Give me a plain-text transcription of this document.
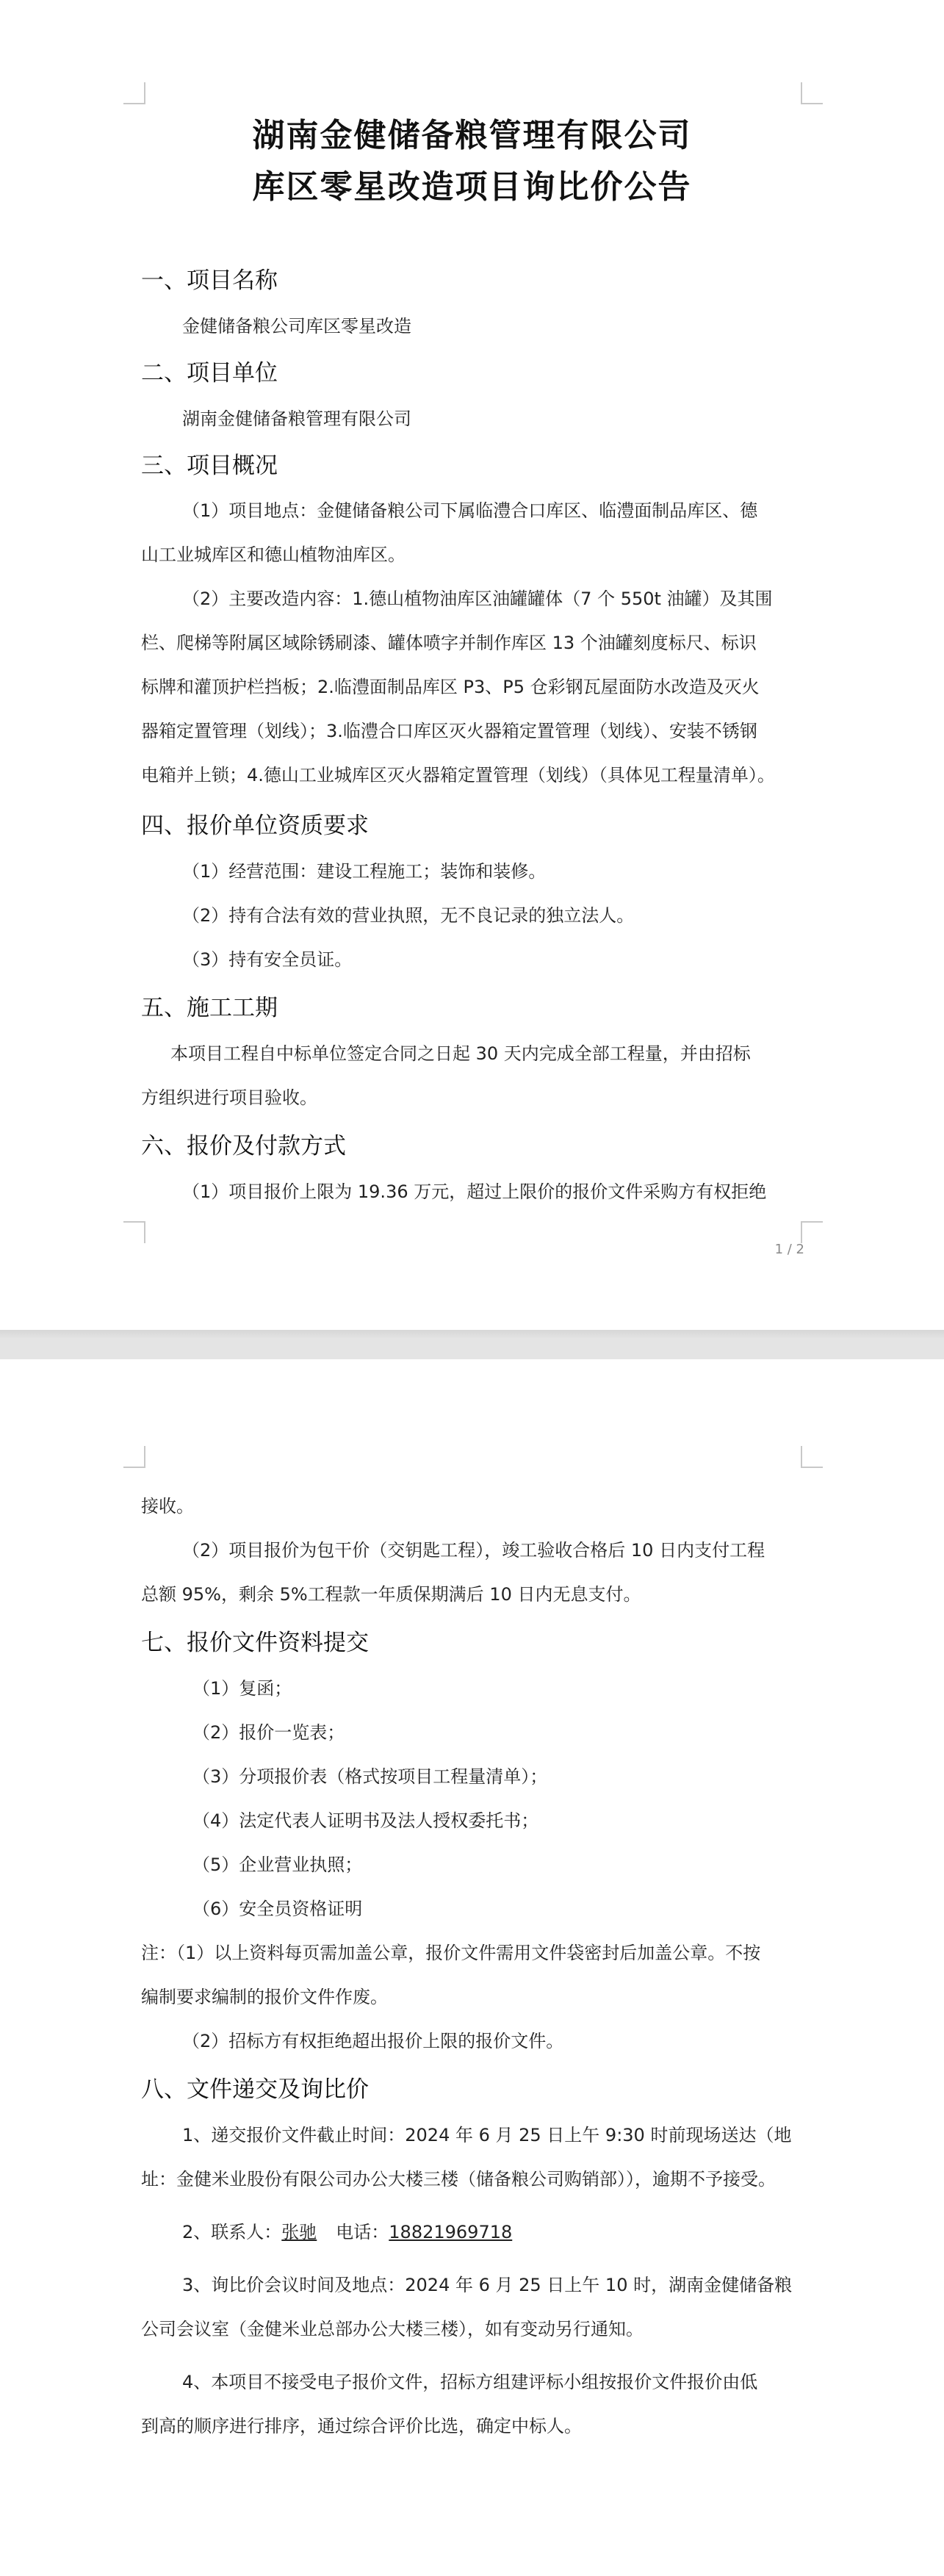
湖南金健储备粮管理有限公司
库区零星改造项目询比价公告
一、项目名称
金健储备粮公司库区零星改造
二、项目单位
湖南金健储备粮管理有限公司
三、项目概况
（1）项目地点：金健储备粮公司下属临澧合口库区、临澧面制品库区、德
山工业城库区和德山植物油库区。
（2）主要改造内容：1.德山植物油库区油罐罐体（7 个 550t 油罐）及其围
栏、爬梯等附属区域除锈刷漆、罐体喷字并制作库区 13 个油罐刻度标尺、标识
标牌和灌顶护栏挡板；2.临澧面制品库区 P3、P5 仓彩钢瓦屋面防水改造及灭火
器箱定置管理（划线）；3.临澧合口库区灭火器箱定置管理（划线）、安装不锈钢
电箱并上锁；4.德山工业城库区灭火器箱定置管理（划线）（具体见工程量清单）。
四、报价单位资质要求
（1）经营范围：建设工程施工；装饰和装修。
（2）持有合法有效的营业执照，无不良记录的独立法人。
（3）持有安全员证。
五、施工工期
本项目工程自中标单位签定合同之日起 30 天内完成全部工程量，并由招标
方组织进行项目验收。
六、报价及付款方式
（1）项目报价上限为 19.36 万元，超过上限价的报价文件采购方有权拒绝
1 / 2
接收。
（2）项目报价为包干价（交钥匙工程），竣工验收合格后 10 日内支付工程
总额 95%，剩余 5%工程款一年质保期满后 10 日内无息支付。
七、报价文件资料提交
（1）复函；
（2）报价一览表；
（3）分项报价表（格式按项目工程量清单）；
（4）法定代表人证明书及法人授权委托书；
（5）企业营业执照；
（6）安全员资格证明
注：（1）以上资料每页需加盖公章，报价文件需用文件袋密封后加盖公章。不按
编制要求编制的报价文件作废。
（2）招标方有权拒绝超出报价上限的报价文件。
八、文件递交及询比价
1、递交报价文件截止时间：2024 年 6 月 25 日上午 9:30 时前现场送达（地
址：金健米业股份有限公司办公大楼三楼（储备粮公司购销部）），逾期不予接受。
2、联系人：张驰 电话：18821969718
3、询比价会议时间及地点：2024 年 6 月 25 日上午 10 时，湖南金健储备粮
公司会议室（金健米业总部办公大楼三楼），如有变动另行通知。
4、本项目不接受电子报价文件，招标方组建评标小组按报价文件报价由低
到高的顺序进行排序，通过综合评价比选，确定中标人。
